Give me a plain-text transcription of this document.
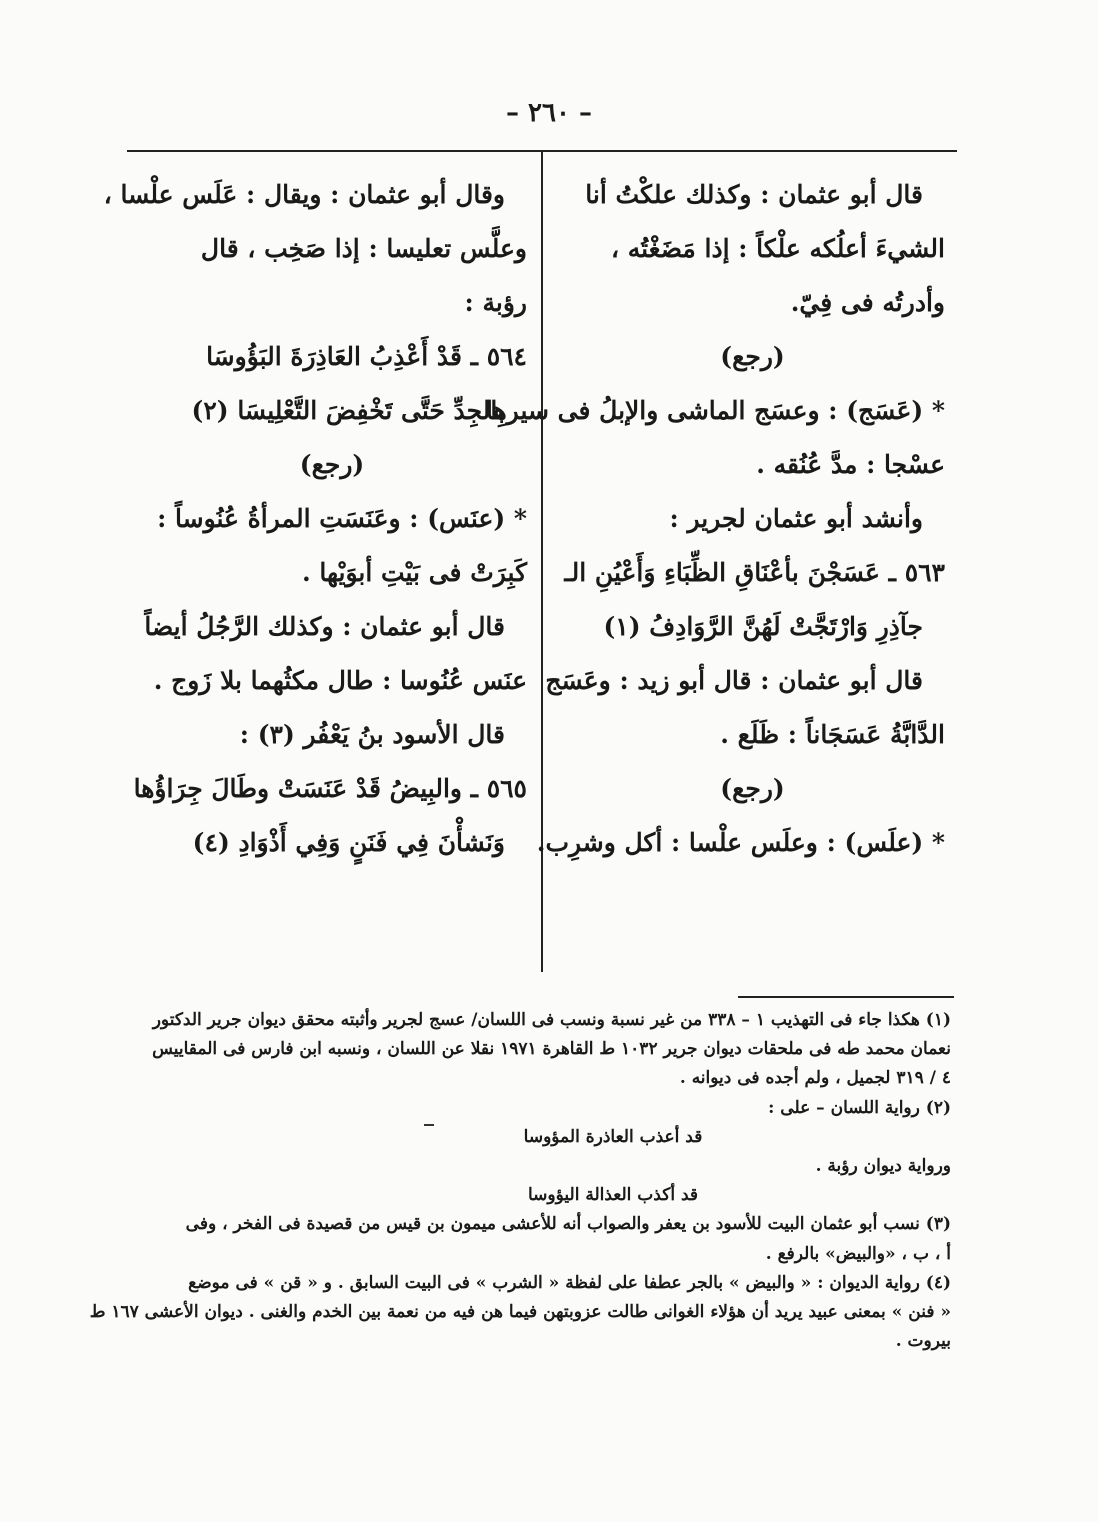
– ٢٦٠ –
قال أبو عثمان : وكذلك علكْتُ أنا
الشيءَ أعلُكه علْكاً : إذا مَضَغْتُه ،
وأدرتُه فى فِيّ.
(رجع)
* (عَسَج) : وعسَج الماشى والإبلُ فى سيرها
عسْجا : مدَّ عُنُقه .
وأنشد أبو عثمان لجرير :
٥٦٣ ـ عَسَجْنَ بأعْنَاقِ الظِّبَاءِ وَأَعْيُنِ الـ
جآذِرِ وَارْتَجَّتْ لَهُنَّ الرَّوَادِفُ (١)
قال أبو عثمان : قال أبو زيد : وعَسَج
الدَّابَّةُ عَسَجَاناً : ظَلَع .
(رجع)
* (علَس) : وعلَس علْسا : أكل وشرِب.
وقال أبو عثمان : ويقال : عَلَس علْسا ،
وعلَّس تعليسا : إذا صَخِب ، قال
رؤبة :
٥٦٤ ـ قَدْ أَعْذِبُ العَاذِرَةَ البَؤُوسَا
بِالجِدِّ حَتَّى تَخْفِضَ التَّعْلِيسَا (٢)
(رجع)
* (عنَس) : وعَنَسَتِ المرأةُ عُنُوساً :
كَبِرَتْ فى بَيْتِ أبوَيْها .
قال أبو عثمان : وكذلك الرَّجُلُ أيضاً
عنَس عُنُوسا : طال مكثُهما بلا زَوج .
قال الأسود بنُ يَعْفُر (٣) :
٥٦٥ ـ والبِيضُ قَدْ عَنَسَتْ وطَالَ جِرَاؤُها
وَنَشأْنَ فِي فَنَنٍ وَفِي أَذْوَادِ (٤)
(١) هكذا جاء فى التهذيب ١ – ٣٣٨ من غير نسبة ونسب فى اللسان/ عسج لجرير وأثبته محقق ديوان جرير الدكتور
نعمان محمد طه فى ملحقات ديوان جرير ١٠٣٢ ط القاهرة ١٩٧١ نقلا عن اللسان ، ونسبه ابن فارس فى المقاييس
٤ / ٣١٩ لجميل ، ولم أجده فى ديوانه .
(٢) رواية اللسان – على :
قد أعذب العاذرة المؤوسا
ورواية ديوان رؤبة .
قد أكذب العذالة اليؤوسا
(٣) نسب أبو عثمان البيت للأسود بن يعفر والصواب أنه للأعشى ميمون بن قيس من قصيدة فى الفخر ، وفى
أ ، ب ، «والبيض» بالرفع .
(٤) رواية الديوان : « والبيض » بالجر عطفا على لفظة « الشرب » فى البيت السابق . و « قن » فى موضع
« فنن » بمعنى عبيد يريد أن هؤلاء الغوانى طالت عزوبتهن فيما هن فيه من نعمة بين الخدم والغنى . ديوان الأعشى ١٦٧ ط
بيروت .
